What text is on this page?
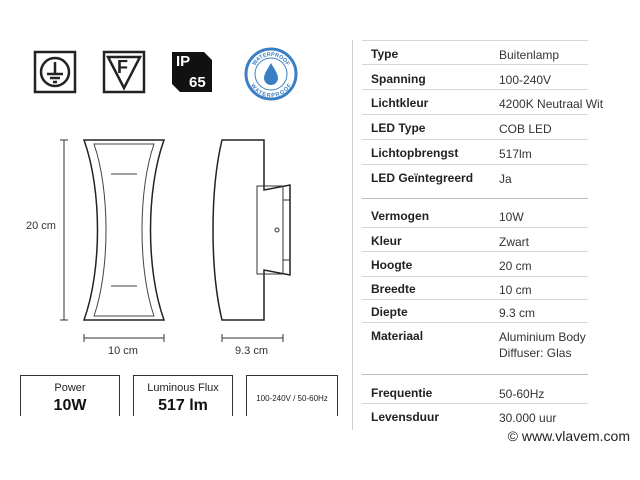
F	IP
65
WATERPROOF
WATERPROOF
20 cm
10 cm	9.3 cm
Power
10W
Luminous Flux
517 lm	100-240V / 50-60Hz
Type	Buitenlamp
Spanning	100-240V
Lichtkleur	4200K Neutraal Wit
LED Type	COB LED
Lichtopbrengst	517lm
LED Geïntegreerd Ja
Vermogen	10W
Kleur	Zwart
Hoogte	20 cm
Breedte	10 cm
Diepte	9.3 cm
Materiaal	Aluminium Body
Diffuser: Glas
Frequentie	50-60Hz
Levensduur	30.000 uur
© www.vlavem.com
